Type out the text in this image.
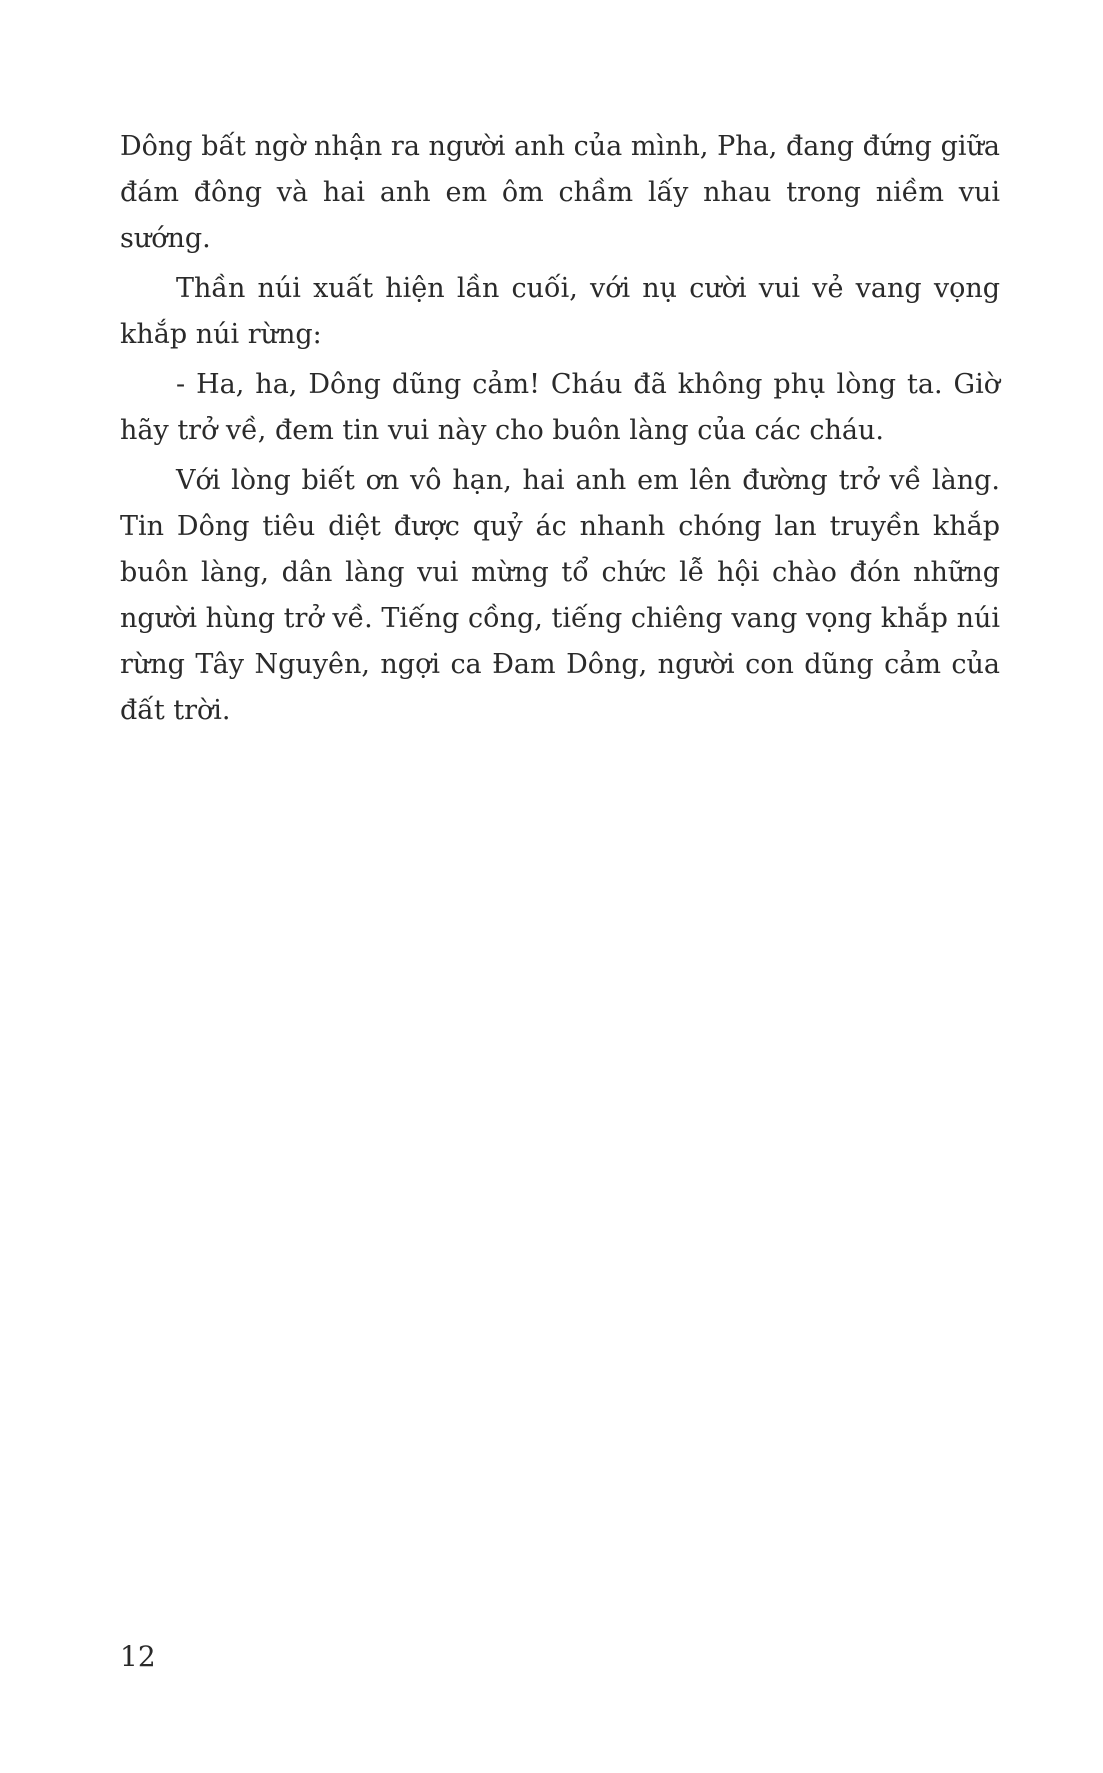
Dông bất ngờ nhận ra người anh của mình, Pha, đang đứng giữa đám đông và hai anh em ôm chầm lấy nhau trong niềm vui sướng.

Thần núi xuất hiện lần cuối, với nụ cười vui vẻ vang vọng khắp núi rừng:

- Ha, ha, Dông dũng cảm! Cháu đã không phụ lòng ta. Giờ hãy trở về, đem tin vui này cho buôn làng của các cháu.

Với lòng biết ơn vô hạn, hai anh em lên đường trở về làng. Tin Dông tiêu diệt được quỷ ác nhanh chóng lan truyền khắp buôn làng, dân làng vui mừng tổ chức lễ hội chào đón những người hùng trở về. Tiếng cồng, tiếng chiêng vang vọng khắp núi rừng Tây Nguyên, ngợi ca Đam Dông, người con dũng cảm của đất trời.

12
